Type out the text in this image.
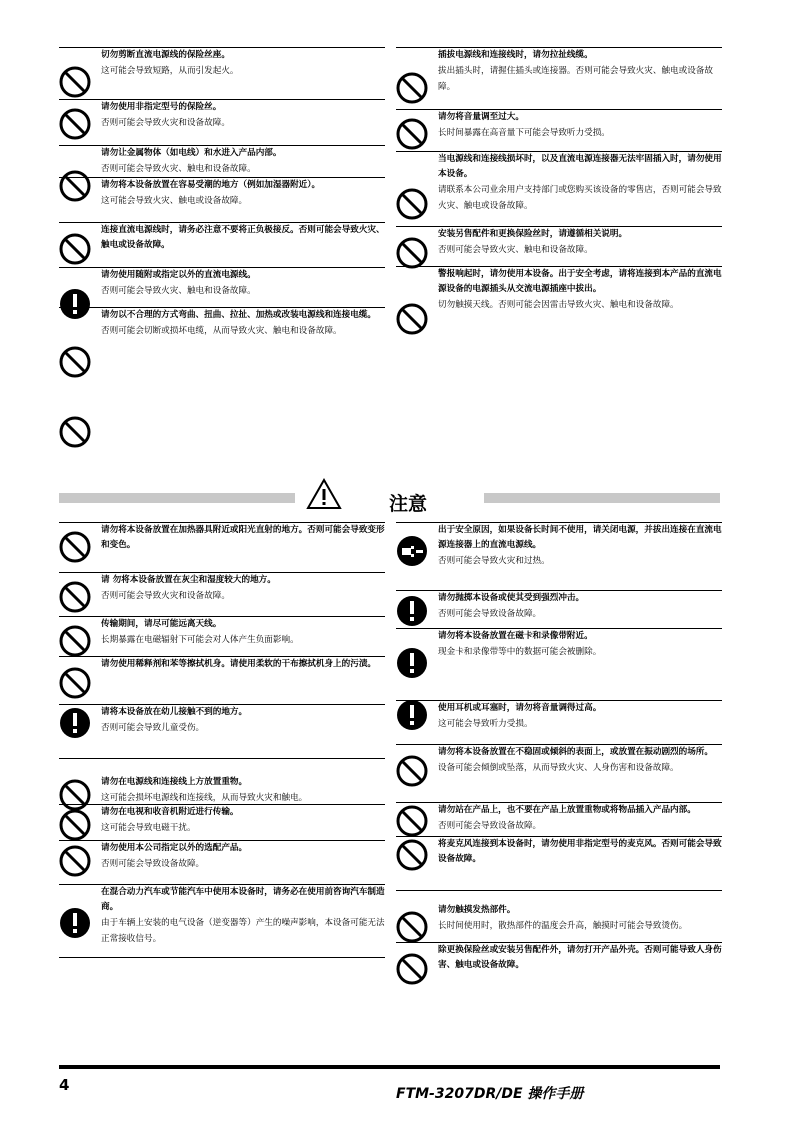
切勿剪断直流电源线的保险丝座。
这可能会导致短路，从而引发起火。
请勿使用非指定型号的保险丝。
否则可能会导致火灾和设备故障。
请勿让金属物体（如电线）和水进入产品内部。
否则可能会导致火灾、触电和设备故障。
请勿将本设备放置在容易受潮的地方（例如加湿器附近）。
这可能会导致火灾、触电或设备故障。
连接直流电源线时，请务必注意不要将正负极接反。否则可能会导致火灾、触电或设备故障。
请勿使用随附或指定以外的直流电源线。
否则可能会导致火灾、触电和设备故障。
请勿以不合理的方式弯曲、扭曲、拉扯、加热或改装电源线和连接电缆。
否则可能会切断或损坏电缆，从而导致火灾、触电和设备故障。
插拔电源线和连接线时，请勿拉扯线缆。
拔出插头时，请握住插头或连接器。否则可能会导致火灾、触电或设备故障。
请勿将音量调至过大。
长时间暴露在高音量下可能会导致听力受损。
当电源线和连接线损坏时，以及直流电源连接器无法牢固插入时，请勿使用本设备。
请联系本公司业余用户支持部门或您购买该设备的零售店，否则可能会导致火灾、触电或设备故障。
安装另售配件和更换保险丝时，请遵循相关说明。
否则可能会导致火灾、触电和设备故障。
警报响起时，请勿使用本设备。出于安全考虑，请将连接到本产品的直流电源设备的电源插头从交流电源插座中拔出。
切勿触摸天线。否则可能会因雷击导致火灾、触电和设备故障。
注意
请勿将本设备放置在加热器具附近或阳光直射的地方。否则可能会导致变形和变色。
请 勿将本设备放置在灰尘和湿度较大的地方。
否则可能会导致火灾和设备故障。
传输期间，请尽可能远离天线。
长期暴露在电磁辐射下可能会对人体产生负面影响。
请勿使用稀释剂和苯等擦拭机身。请使用柔软的干布擦拭机身上的污渍。
请将本设备放在幼儿接触不到的地方。
否则可能会导致儿童受伤。
请勿在电源线和连接线上方放置重物。
这可能会损坏电源线和连接线，从而导致火灾和触电。
请勿在电视和收音机附近进行传输。
这可能会导致电磁干扰。
请勿使用本公司指定以外的选配产品。
否则可能会导致设备故障。
在混合动力汽车或节能汽车中使用本设备时，请务必在使用前咨询汽车制造商。
由于车辆上安装的电气设备（逆变器等）产生的噪声影响，本设备可能无法正常接收信号。
出于安全原因，如果设备长时间不使用，请关闭电源，并拔出连接在直流电源连接器上的直流电源线。
否则可能会导致火灾和过热。
请勿抛掷本设备或使其受到强烈冲击。
否则可能会导致设备故障。
请勿将本设备放置在磁卡和录像带附近。
现金卡和录像带等中的数据可能会被删除。
使用耳机或耳塞时，请勿将音量调得过高。
这可能会导致听力受损。
请勿将本设备放置在不稳固或倾斜的表面上，或放置在振动剧烈的场所。
设备可能会倾倒或坠落，从而导致火灾、人身伤害和设备故障。
请勿站在产品上，也不要在产品上放置重物或将物品插入产品内部。
否则可能会导致设备故障。
将麦克风连接到本设备时，请勿使用非指定型号的麦克风。否则可能会导致设备故障。
请勿触摸发热部件。
长时间使用时，散热部件的温度会升高，触摸时可能会导致烫伤。
除更换保险丝或安装另售配件外，请勿打开产品外壳。否则可能导致人身伤害、触电或设备故障。
4	FTM-3207DR/DE 操作手册
